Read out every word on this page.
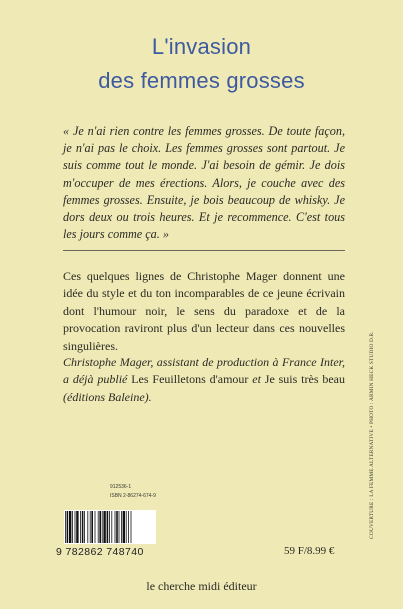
L'invasion
des femmes grosses
« Je n'ai rien contre les femmes grosses. De toute façon, je n'ai pas le choix. Les femmes grosses sont partout. Je suis comme tout le monde. J'ai besoin de gémir. Je dois m'occuper de mes érections. Alors, je couche avec des femmes grosses. Ensuite, je bois beaucoup de whisky. Je dors deux ou trois heures. Et je recommence. C'est tous les jours comme ça. »
Ces quelques lignes de Christophe Mager donnent une idée du style et du ton incomparables de ce jeune écrivain dont l'humour noir, le sens du paradoxe et de la provocation raviront plus d'un lecteur dans ces nouvelles singulières.
Christophe Mager, assistant de production à France Inter, a déjà publié Les Feuilletons d'amour et Je suis très beau (éditions Baleine).
912536-1
ISBN 2-86274-674-9
9 782862 748740	59 F/8.99 €
le cherche midi éditeur
COUVERTURE : LA FEMME ALTERNATIVE • PHOTO : ARMIN HECK STUDIO D.R.
